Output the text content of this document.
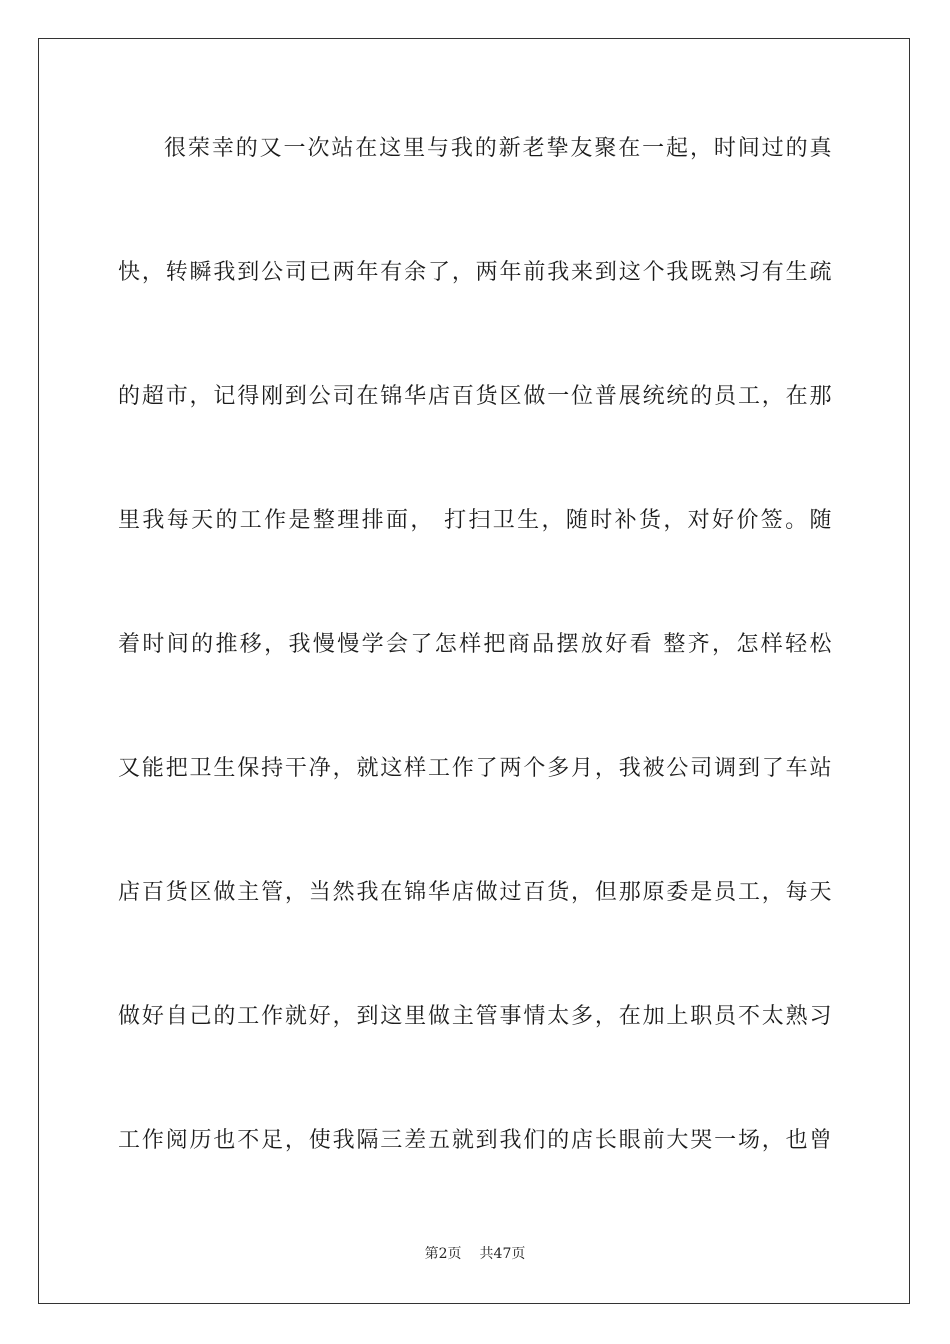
很荣幸的又一次站在这里与我的新老挚友聚在一起，时间过的真
快，转瞬我到公司已两年有余了，两年前我来到这个我既熟习有生疏
的超市，记得刚到公司在锦华店百货区做一位普展统统的员工，在那
里我每天的工作是整理排面， 打扫卫生，随时补货，对好价签。随
着时间的推移，我慢慢学会了怎样把商品摆放好看 整齐，怎样轻松
又能把卫生保持干净，就这样工作了两个多月，我被公司调到了车站
店百货区做主管，当然我在锦华店做过百货，但那原委是员工，每天
做好自己的工作就好，到这里做主管事情太多，在加上职员不太熟习
工作阅历也不足，使我隔三差五就到我们的店长眼前大哭一场，也曾
第2页 共47页
